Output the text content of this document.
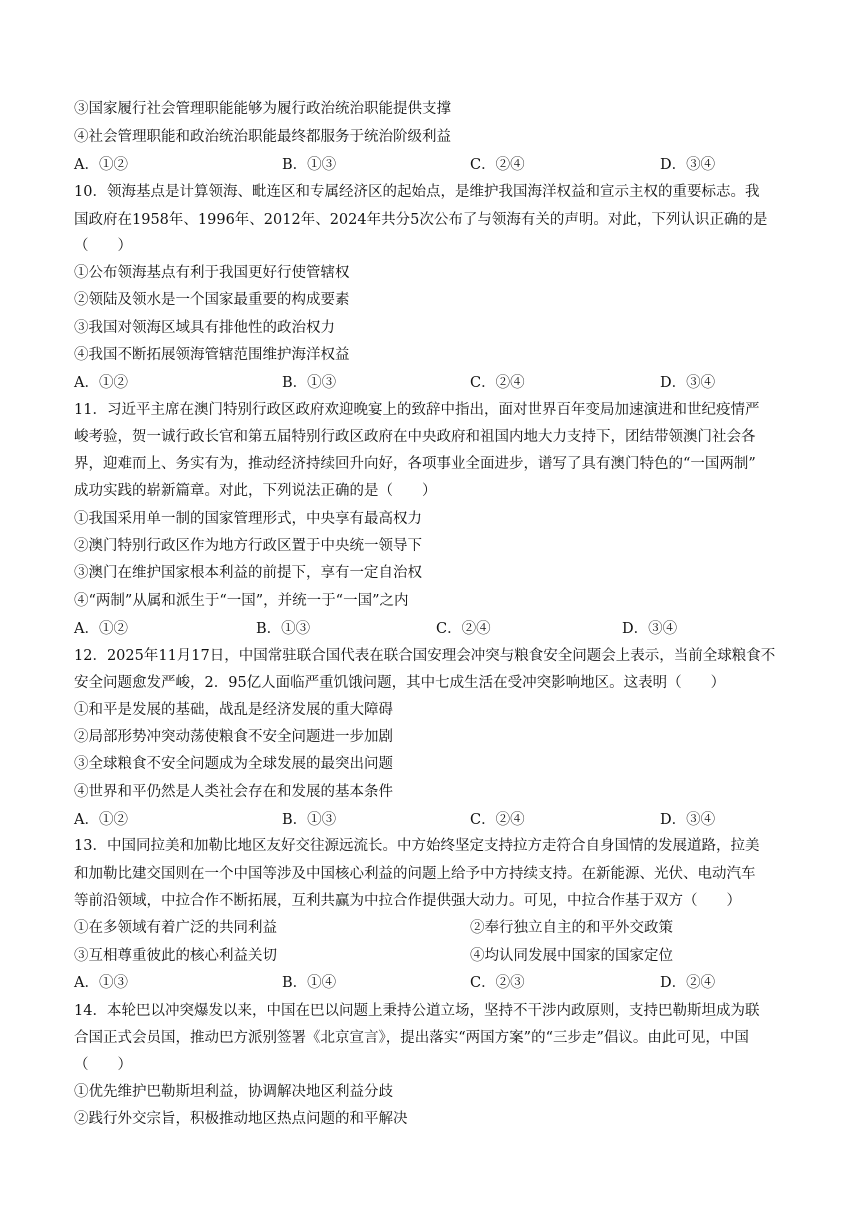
③国家履行社会管理职能能够为履行政治统治职能提供支撑
④社会管理职能和政治统治职能最终都服务于统治阶级利益
A．①②	B．①③	C．②④	D．③④
10．领海基点是计算领海、毗连区和专属经济区的起始点，是维护我国海洋权益和宣示主权的重要标志。我
国政府在1958年、1996年、2012年、2024年共分5次公布了与领海有关的声明。对此，下列认识正确的是
（　　）
①公布领海基点有利于我国更好行使管辖权
②领陆及领水是一个国家最重要的构成要素
③我国对领海区域具有排他性的政治权力
④我国不断拓展领海管辖范围维护海洋权益
A．①②	B．①③	C．②④	D．③④
11．习近平主席在澳门特别行政区政府欢迎晚宴上的致辞中指出，面对世界百年变局加速演进和世纪疫情严
峻考验，贺一诚行政长官和第五届特别行政区政府在中央政府和祖国内地大力支持下，团结带领澳门社会各
界，迎难而上、务实有为，推动经济持续回升向好，各项事业全面进步，谱写了具有澳门特色的“一国两制”
成功实践的崭新篇章。对此，下列说法正确的是（　　）
①我国采用单一制的国家管理形式，中央享有最高权力
②澳门特别行政区作为地方行政区置于中央统一领导下
③澳门在维护国家根本利益的前提下，享有一定自治权
④“两制”从属和派生于“一国”，并统一于“一国”之内
A．①②	B．①③	C．②④	D．③④
12．2025年11月17日，中国常驻联合国代表在联合国安理会冲突与粮食安全问题会上表示，当前全球粮食不
安全问题愈发严峻，2．95亿人面临严重饥饿问题，其中七成生活在受冲突影响地区。这表明（　　）
①和平是发展的基础，战乱是经济发展的重大障碍
②局部形势冲突动荡使粮食不安全问题进一步加剧
③全球粮食不安全问题成为全球发展的最突出问题
④世界和平仍然是人类社会存在和发展的基本条件
A．①②	B．①③	C．②④	D．③④
13．中国同拉美和加勒比地区友好交往源远流长。中方始终坚定支持拉方走符合自身国情的发展道路，拉美
和加勒比建交国则在一个中国等涉及中国核心利益的问题上给予中方持续支持。在新能源、光伏、电动汽车
等前沿领域，中拉合作不断拓展，互利共赢为中拉合作提供强大动力。可见，中拉合作基于双方（　　）
①在多领域有着广泛的共同利益	②奉行独立自主的和平外交政策
③互相尊重彼此的核心利益关切	④均认同发展中国家的国家定位
A．①③	B．①④	C．②③	D．②④
14．本轮巴以冲突爆发以来，中国在巴以问题上秉持公道立场，坚持不干涉内政原则，支持巴勒斯坦成为联
合国正式会员国，推动巴方派别签署《北京宣言》，提出落实“两国方案”的“三步走”倡议。由此可见，中国
（　　）
①优先维护巴勒斯坦利益，协调解决地区利益分歧
②践行外交宗旨，积极推动地区热点问题的和平解决
